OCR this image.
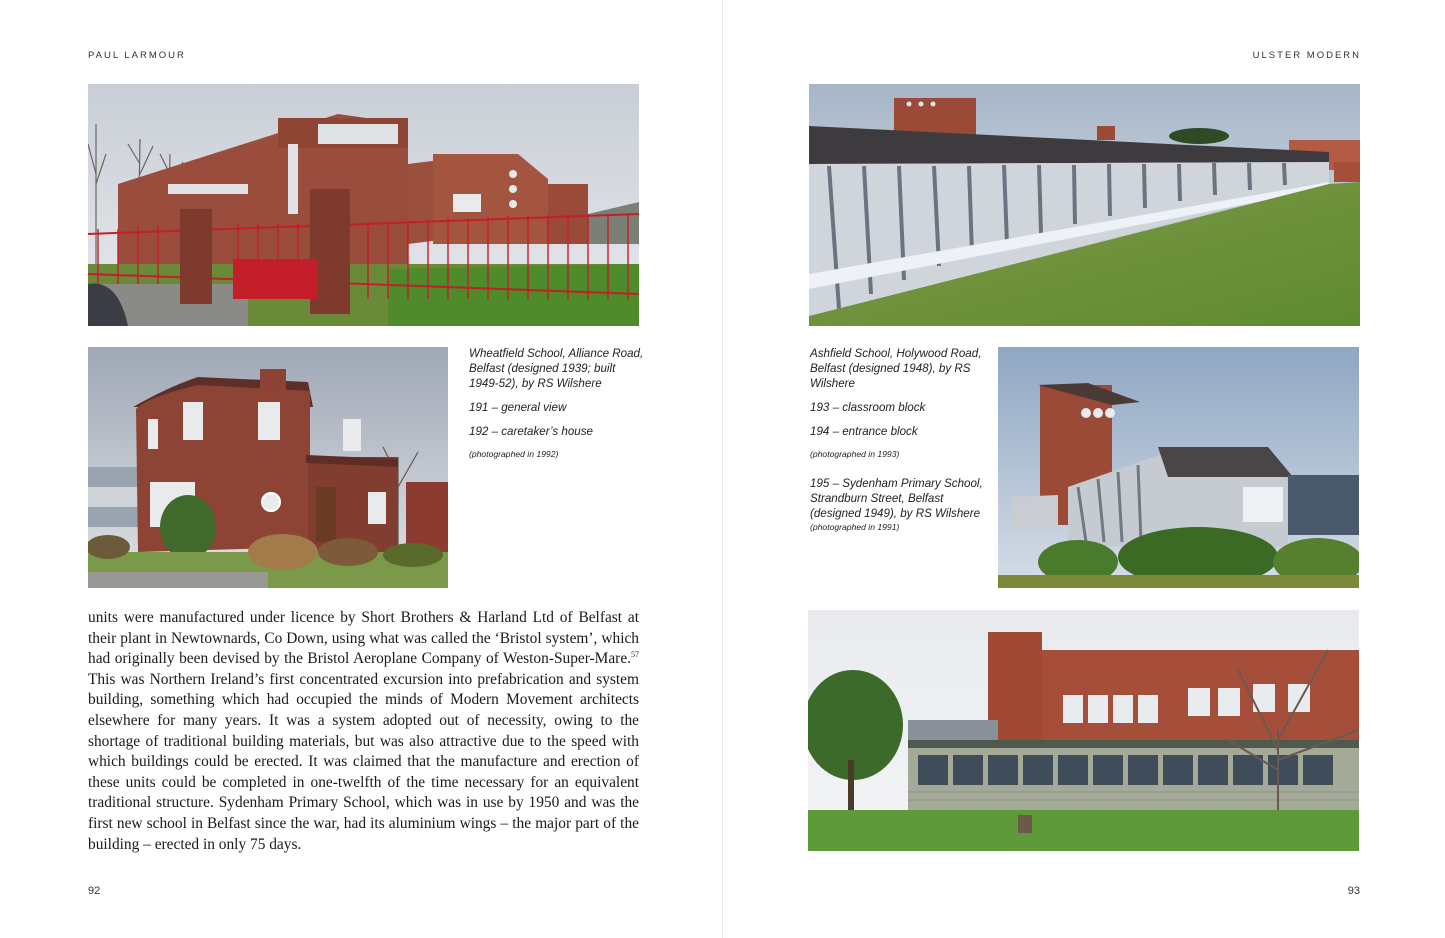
PAUL LARMOUR

Wheatfield School, Alliance Road, Belfast (designed 1939; built 1949-52), by RS Wilshere

191 – general view

192 – caretaker’s house

(photographed in 1992)

units were manufactured under licence by Short Brothers & Harland Ltd of Belfast at their plant in Newtownards, Co Down, using what was called the ‘Bristol system’, which had originally been devised by the Bristol Aeroplane Company of Weston-Super-Mare.$^{57}$ This was Northern Ireland’s first concentrated excursion into prefabrication and system building, something which had occupied the minds of Modern Movement architects elsewhere for many years. It was a system adopted out of necessity, owing to the shortage of traditional building materials, but was also attractive due to the speed with which buildings could be erected. It was claimed that the manufacture and erection of these units could be completed in one-twelfth of the time necessary for an equivalent traditional structure. Sydenham Primary School, which was in use by 1950 and was the first new school in Belfast since the war, had its aluminium wings – the major part of the building – erected in only 75 days.
92
ULSTER MODERN

Ashfield School, Holywood Road, Belfast (designed 1948), by RS Wilshere

193 – classroom block

194 – entrance block

(photographed in 1993)

195 – Sydenham Primary School, Strandburn Street, Belfast (designed 1949), by RS Wilshere

(photographed in 1991)

93
